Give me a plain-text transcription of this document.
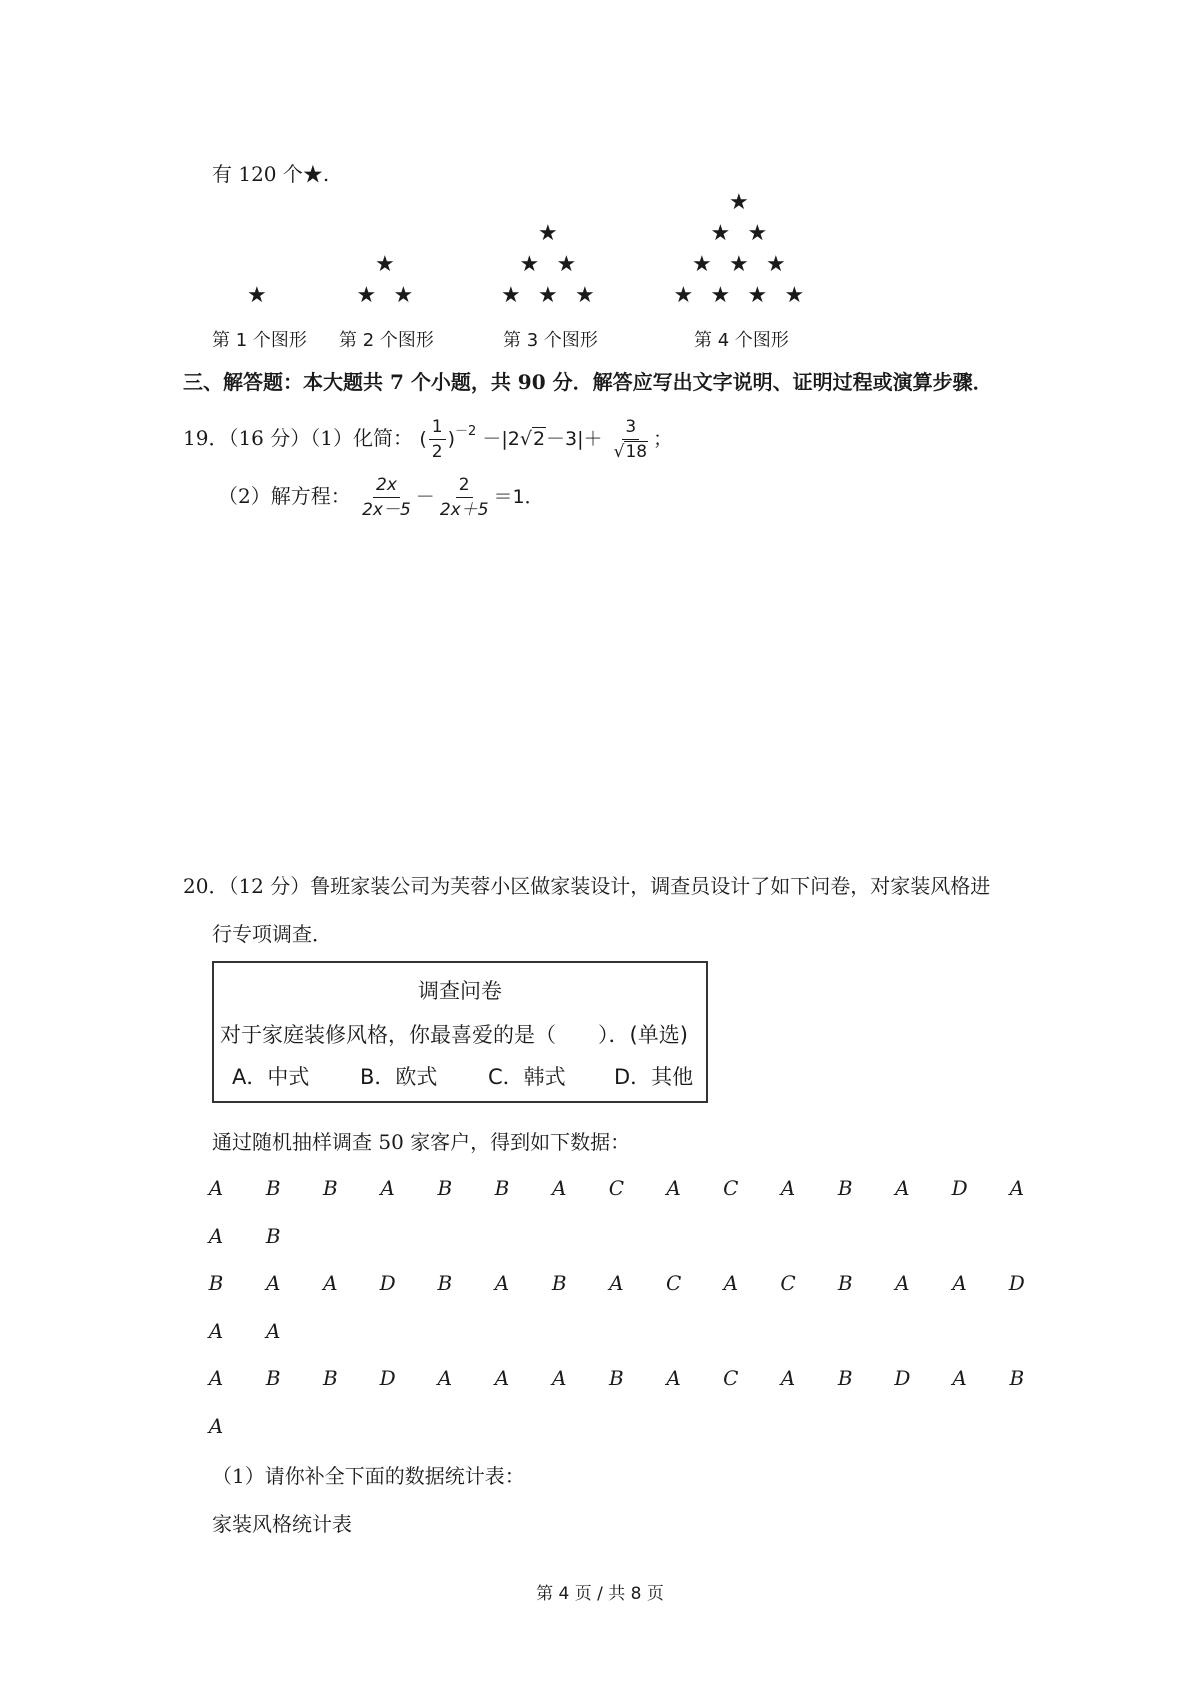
有 120 个★.
★
★
★ ★
★
★ ★
★ ★ ★
★
★ ★
★ ★ ★
★ ★ ★ ★
第 1 个图形 第 2 个图形	第 3 个图形	第 4 个图形
三、解答题：本大题共 7 个小题，共 90 分．解答应写出文字说明、证明过程或演算步骤．
19．（16 分）（1）化简： ( $\frac{1}{2} )^{-2} -|2√2-3|+ \frac{3}{√18}$ ；
（2）解方程： $\frac{2x}{2x-5} - \frac{2}{2x+5} =1$．
20．（12 分）鲁班家装公司为芙蓉小区做家装设计，调查员设计了如下问卷，对家装风格进
行专项调查．
调查问卷
对于家庭装修风格，你最喜爱的是（　　）．(单选)
A．中式 B．欧式 C．韩式 D．其他
通过随机抽样调查 50 家客户，得到如下数据：
A B B A B B A C A C A B A D A
A B
B A A D B A B A C A C B A A D
A A
A B B D A A A B A C A B D A B
A
（1）请你补全下面的数据统计表：
家装风格统计表
第 4 页 / 共 8 页
